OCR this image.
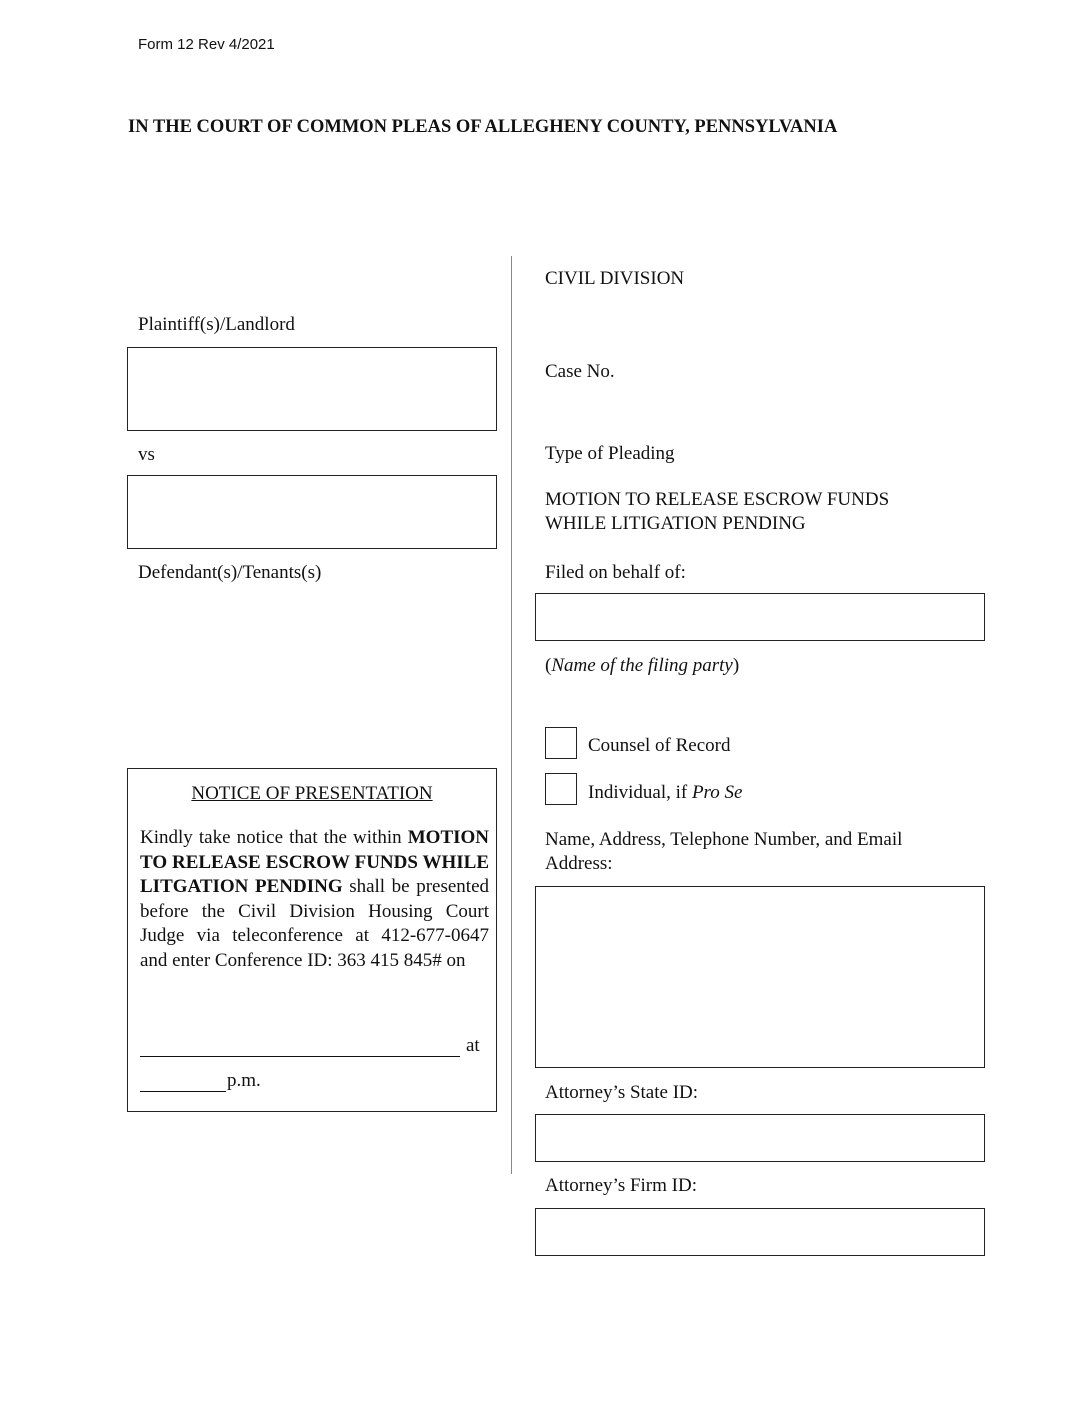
Form 12 Rev 4/2021
IN THE COURT OF COMMON PLEAS OF ALLEGHENY COUNTY, PENNSYLVANIA
Plaintiff(s)/Landlord
vs
Defendant(s)/Tenants(s)
NOTICE OF PRESENTATION
Kindly take notice that the within MOTION TO RELEASE ESCROW FUNDS WHILE LITGATION PENDING shall be presented before the Civil Division Housing Court Judge via teleconference at 412-677-0647 and enter Conference ID: 363 415 845# on
at
p.m.
CIVIL DIVISION
Case No.
Type of Pleading
MOTION TO RELEASE ESCROW FUNDS
WHILE LITIGATION PENDING
Filed on behalf of:
(Name of the filing party)
Counsel of Record
Individual, if Pro Se
Name, Address, Telephone Number, and Email
Address:
Attorney’s State ID:
Attorney’s Firm ID:
